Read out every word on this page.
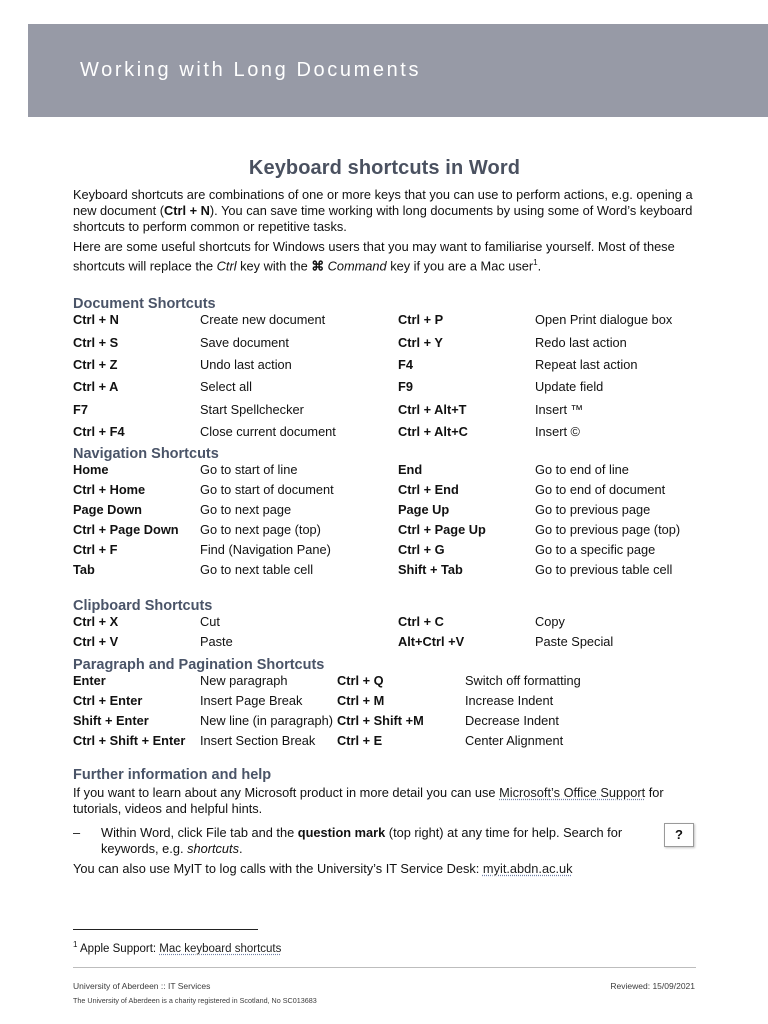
Working with Long Documents
Keyboard shortcuts in Word

Keyboard shortcuts are combinations of one or more keys that you can use to perform actions, e.g. opening a new document (Ctrl + N). You can save time working with long documents by using some of Word’s keyboard shortcuts to perform common or repetitive tasks.

Here are some useful shortcuts for Windows users that you may want to familiarise yourself. Most of these shortcuts will replace the Ctrl key with the ⌘ Command key if you are a Mac user$^1$.

Document Shortcuts
Ctrl + N	Create new document	Ctrl + P	Open Print dialogue box
Ctrl + S	Save document	Ctrl + Y	Redo last action
Ctrl + Z	Undo last action	F4	Repeat last action
Ctrl + A	Select all	F9	Update field
F7	Start Spellchecker	Ctrl + Alt+T	Insert ™
Ctrl + F4	Close current document	Ctrl + Alt+C	Insert ©
Navigation Shortcuts
Home	Go to start of line	End	Go to end of line
Ctrl + Home	Go to start of document	Ctrl + End	Go to end of document
Page Down	Go to next page	Page Up	Go to previous page
Ctrl + Page Down	Go to next page (top)	Ctrl + Page Up	Go to previous page (top)
Ctrl + F	Find (Navigation Pane)	Ctrl + G	Go to a specific page
Tab	Go to next table cell	Shift + Tab	Go to previous table cell
Clipboard Shortcuts
Ctrl + X	Cut	Ctrl + C	Copy
Ctrl + V	Paste	Alt+Ctrl +V	Paste Special
Paragraph and Pagination Shortcuts
Enter	New paragraph	Ctrl + Q	Switch off formatting
Ctrl + Enter	Insert Page Break	Ctrl + M	Increase Indent
Shift + Enter	New line (in paragraph)	Ctrl + Shift +M	Decrease Indent
Ctrl + Shift + Enter	Insert Section Break	Ctrl + E	Center Alignment
Further information and help

If you want to learn about any Microsoft product in more detail you can use Microsoft’s Office Support for tutorials, videos and helpful hints.

–	Within Word, click File tab and the question mark (top right) at any time for help. Search for keywords, e.g. shortcuts.
?

You can also use MyIT to log calls with the University’s IT Service Desk: myit.abdn.ac.uk

$^1$ Apple Support: Mac keyboard shortcuts
University of Aberdeen :: IT Services
The University of Aberdeen is a charity registered in Scotland, No SC013683
Reviewed: 15/09/2021
